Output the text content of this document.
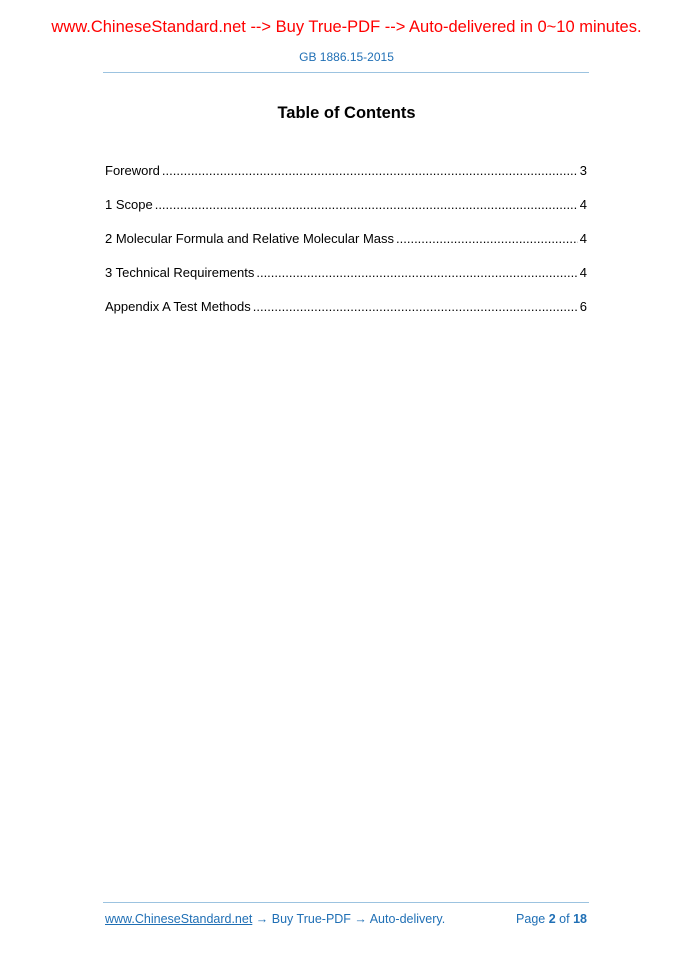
www.ChineseStandard.net --> Buy True-PDF --> Auto-delivered in 0~10 minutes.
GB 1886.15-2015
Table of Contents
Foreword .....	3
1 Scope .....	4
2 Molecular Formula and Relative Molecular Mass .....	4
3 Technical Requirements .....	4
Appendix A Test Methods .....	6
www.ChineseStandard.net → Buy True-PDF → Auto-delivery.	Page 2 of 18
